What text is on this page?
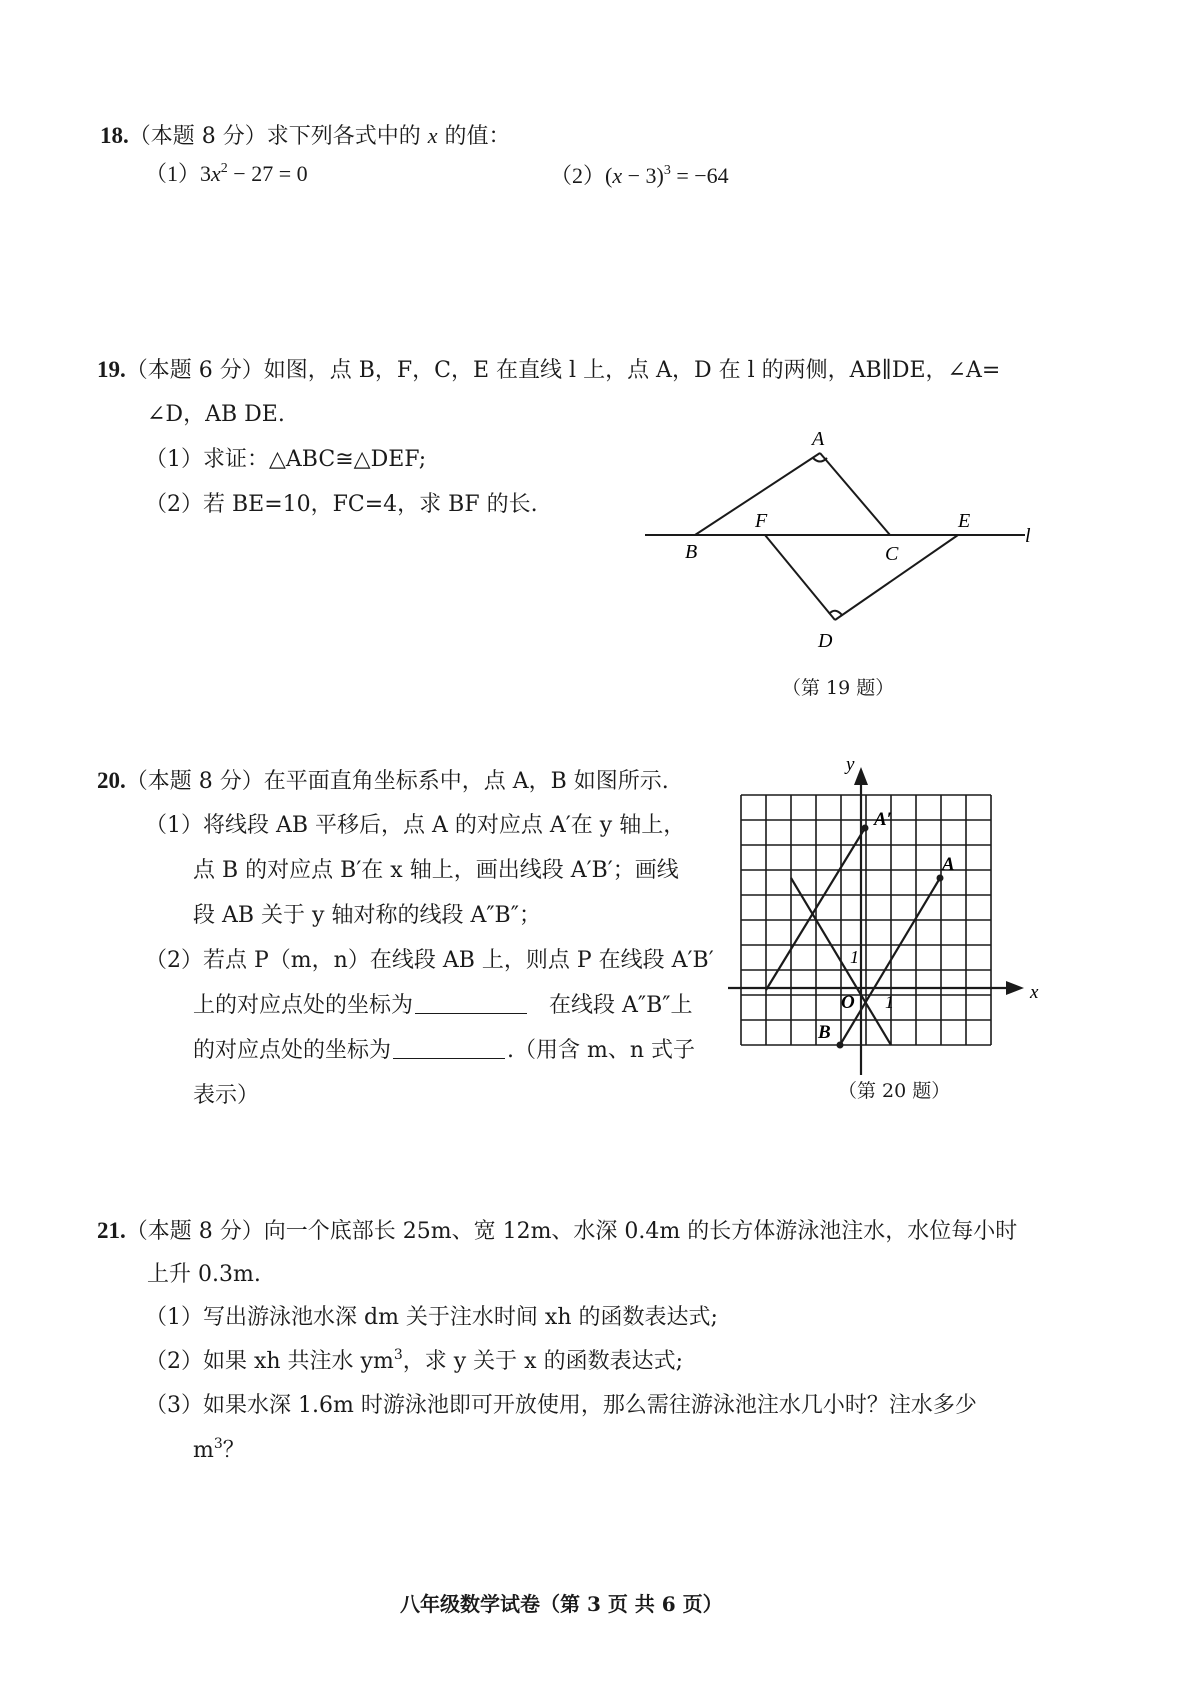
18.（本题 8 分）求下列各式中的 x 的值：
$(1)3x^2 - 27 = 0$	$(2)(x - 3)^3 = -64$
19.（本题 6 分）如图，点 B，F，C，E 在直线 l 上，点 A，D 在 l 的两侧，AB∥DE，∠A=
∠D，AB DE.
（1）求证：△ABC≅△DEF;
（2）若 BE=10，FC=4，求 BF 的长.
A
B
F
C
E
D
l
（第 19 题）
20.（本题 8 分）在平面直角坐标系中，点 A，B 如图所示.
（1）将线段 AB 平移后，点 A 的对应点 A′在 y 轴上，
点 B 的对应点 B′在 x 轴上，画出线段 A′B′；画线
段 AB 关于 y 轴对称的线段 A″B″；
（2）若点 P（m，n）在线段 AB 上，则点 P 在线段 A′B′
上的对应点处的坐标为	在线段 A″B″上
的对应点处的坐标为	.（用含 m、n 式子
表示）
y
x
O 1
1
A
B
A′
（第 20 题）
21.（本题 8 分）向一个底部长 25m、宽 12m、水深 0.4m 的长方体游泳池注水，水位每小时
上升 0.3m.
（1）写出游泳池水深 dm 关于注水时间 xh 的函数表达式;
（2）如果 xh 共注水 $ym^3$，求 y 关于 x 的函数表达式;
（3）如果水深 1.6m 时游泳池即可开放使用，那么需往游泳池注水几小时？注水多少
$m^3$？
八年级数学试卷（第 3 页 共 6 页）
